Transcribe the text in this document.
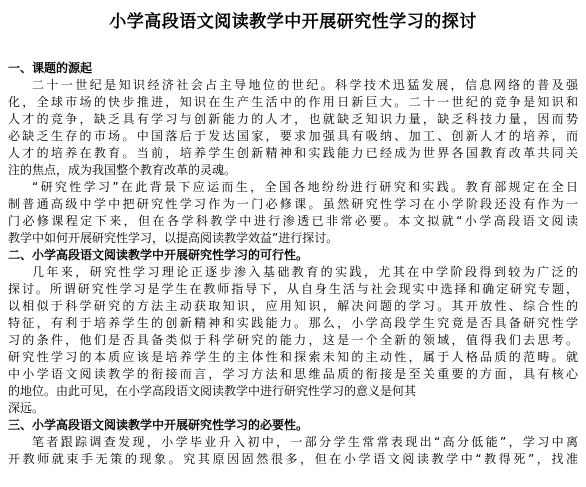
小学高段语文阅读教学中开展研究性学习的探讨
一、课题的源起
二十一世纪是知识经济社会占主导地位的世纪。科学技术迅猛发展，信息网络的普及强
化，全球市场的快步推进，知识在生产生活中的作用日新巨大。二十一世纪的竞争是知识和
人才的竞争，缺乏具有学习与创新能力的人才，也就缺乏知识力量，缺乏科技力量，因而势
必缺乏生存的市场。中国落后于发达国家，要求加强具有吸纳、加工、创新人才的培养，而
人才的培养在教育。当前，培养学生创新精神和实践能力已经成为世界各国教育改革共同关
注的焦点，成为我国整个教育改革的灵魂。
“研究性学习”在此背景下应运而生，全国各地纷纷进行研究和实践。教育部规定在全日
制普通高级中学中把研究性学习作为一门必修课。虽然研究性学习在小学阶段还没有作为一
门必修课程定下来，但在各学科教学中进行渗透已非常必要。本文拟就“小学高段语文阅读
教学中如何开展研究性学习，以提高阅读教学效益”进行探讨。
二、小学高段语文阅读教学中开展研究性学习的可行性。
几年来，研究性学习理论正逐步渗入基础教育的实践，尤其在中学阶段得到较为广泛的
探讨。所谓研究性学习是学生在教师指导下，从自身生活与社会现实中选择和确定研究专题，
以相似于科学研究的方法主动获取知识，应用知识，解决问题的学习。其开放性、综合性的
特征，有利于培养学生的创新精神和实践能力。那么，小学高段学生究竟是否具备研究性学
习的条件，他们是否具备类似于科学研究的能力，这是一个全新的领域，值得我们去思考。
研究性学习的本质应该是培养学生的主体性和探索未知的主动性，属于人格品质的范畴。就
中小学语文阅读教学的衔接而言，学习方法和思维品质的衔接是至关重要的方面，具有核心
的地位。由此可见，在小学高段语文阅读教学中进行研究性学习的意义是何其
深远。
三、小学高段语文阅读教学中开展研究性学习的必要性。
笔者跟踪调查发现，小学毕业升入初中，一部分学生常常表现出“高分低能”，学习中离
开教师就束手无策的现象。究其原因固然很多，但在小学语文阅读教学中“教得死”，找准
